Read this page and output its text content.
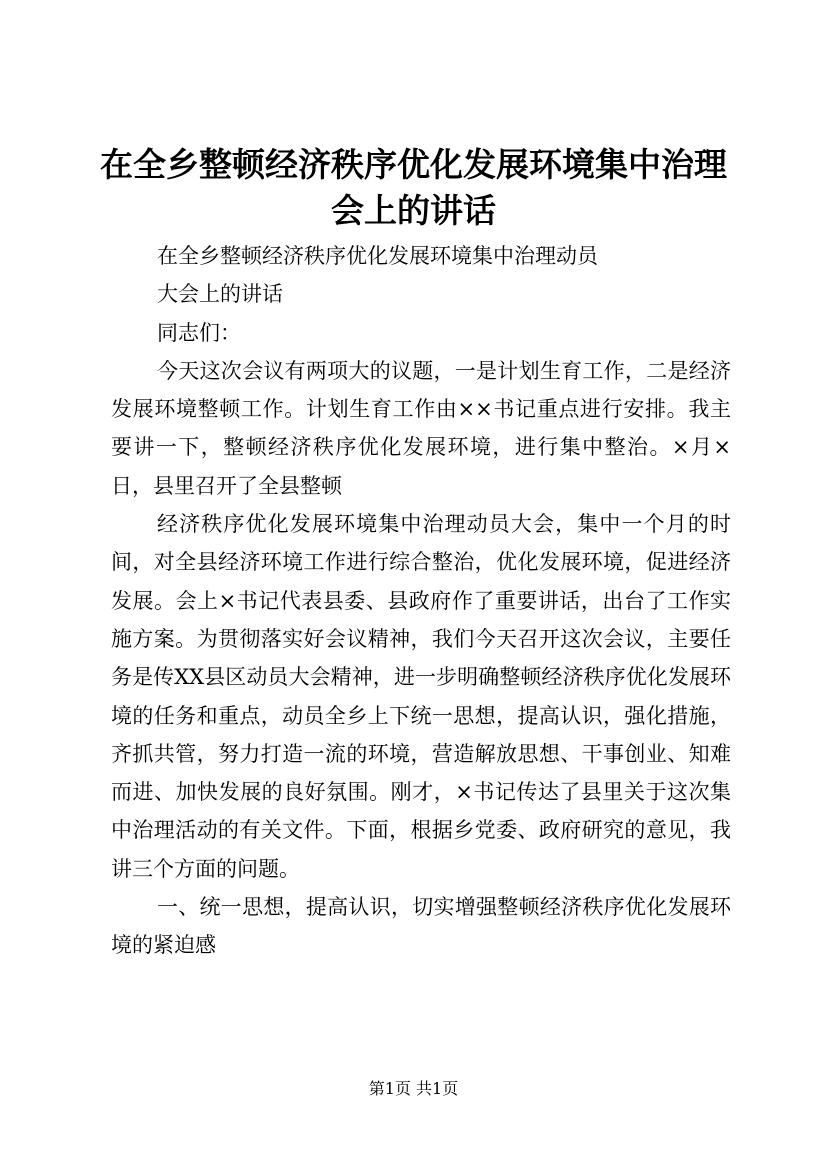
在全乡整顿经济秩序优化发展环境集中治理会上的讲话

在全乡整顿经济秩序优化发展环境集中治理动员

大会上的讲话

同志们：

今天这次会议有两项大的议题，一是计划生育工作，二是经济发展环境整顿工作。计划生育工作由××书记重点进行安排。我主要讲一下，整顿经济秩序优化发展环境，进行集中整治。×月×日，县里召开了全县整顿

经济秩序优化发展环境集中治理动员大会，集中一个月的时间，对全县经济环境工作进行综合整治，优化发展环境，促进经济发展。会上×书记代表县委、县政府作了重要讲话，出台了工作实施方案。为贯彻落实好会议精神，我们今天召开这次会议，主要任务是传XX县区动员大会精神，进一步明确整顿经济秩序优化发展环境的任务和重点，动员全乡上下统一思想，提高认识，强化措施，齐抓共管，努力打造一流的环境，营造解放思想、干事创业、知难而进、加快发展的良好氛围。刚才，×书记传达了县里关于这次集中治理活动的有关文件。下面，根据乡党委、政府研究的意见，我讲三个方面的问题。

一、统一思想，提高认识，切实增强整顿经济秩序优化发展环境的紧迫感

第1页 共1页
